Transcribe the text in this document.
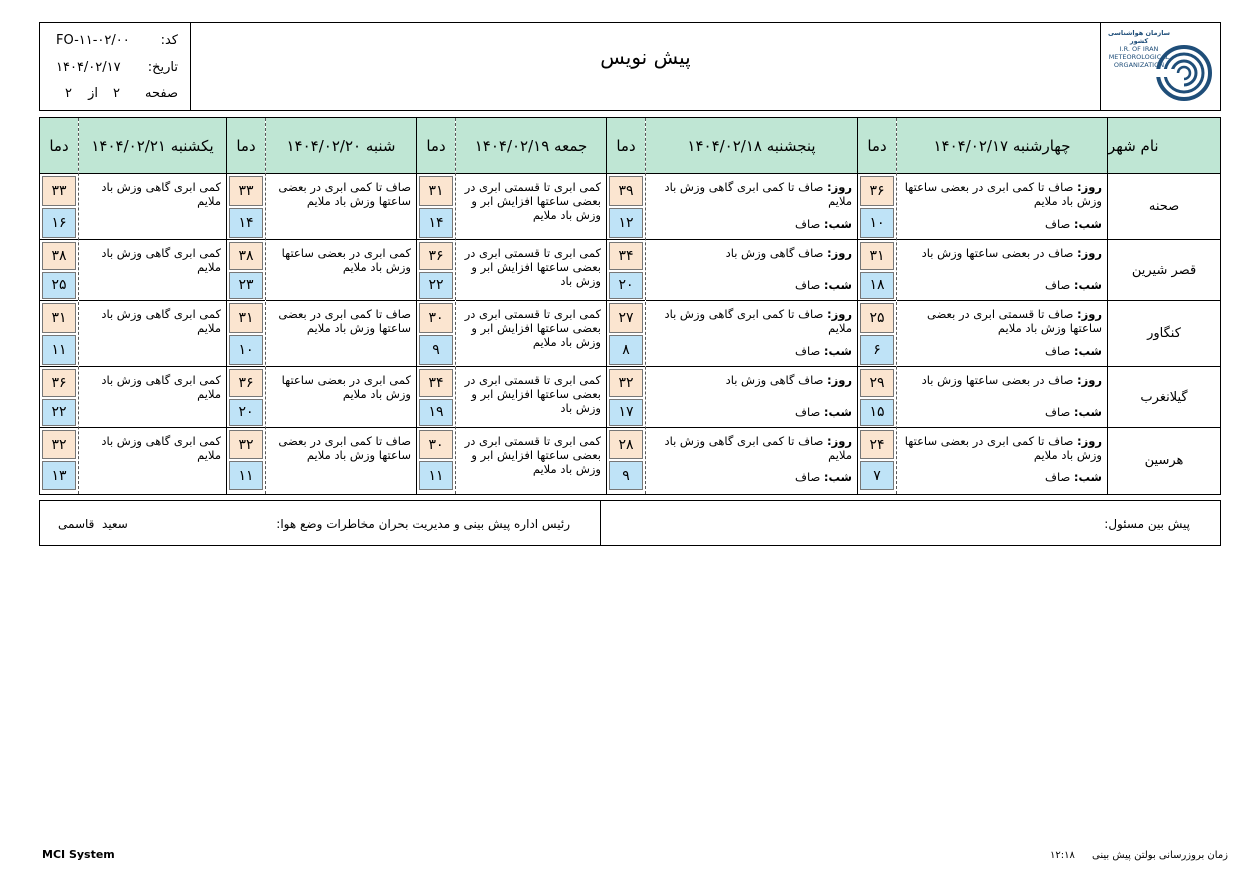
سازمان هواشناسی کشور
I.R. OF IRAN
METEOROLOGICAL
ORGANIZATION
پیش نویس
کد:
FO-۱۱-۰۲/۰۰
تاریخ:
۱۴۰۴/۰۲/۱۷
صفحه
۲
از
۲
نام شهر
صحنه
قصر شیرین
کنگاور
گیلانغرب
هرسین
چهارشنبه ۱۴۰۴/۰۲/۱۷
روز: صاف تا کمی ابری در بعضی ساعتها وزش باد ملایم
شب: صاف
روز: صاف در بعضی ساعتها وزش باد
شب: صاف
روز: صاف تا قسمتی ابری در بعضی ساعتها وزش باد ملایم
شب: صاف
روز: صاف در بعضی ساعتها وزش باد
شب: صاف
روز: صاف تا کمی ابری در بعضی ساعتها وزش باد ملایم
شب: صاف
دما
۳۶
۱۰
۳۱
۱۸
۲۵
۶
۲۹
۱۵
۲۴
۷
پنجشنبه ۱۴۰۴/۰۲/۱۸
روز: صاف تا کمی ابری گاهی وزش باد ملایم
شب: صاف
روز: صاف گاهی وزش باد
شب: صاف
روز: صاف تا کمی ابری گاهی وزش باد ملایم
شب: صاف
روز: صاف گاهی وزش باد
شب: صاف
روز: صاف تا کمی ابری گاهی وزش باد ملایم
شب: صاف
دما
۳۹
۱۲
۳۴
۲۰
۲۷
۸
۳۲
۱۷
۲۸
۹
جمعه ۱۴۰۴/۰۲/۱۹
کمی ابری تا قسمتی ابری در بعضی ساعتها افزایش ابر و وزش باد ملایم
کمی ابری تا قسمتی ابری در بعضی ساعتها افزایش ابر و وزش باد
کمی ابری تا قسمتی ابری در بعضی ساعتها افزایش ابر و وزش باد ملایم
کمی ابری تا قسمتی ابری در بعضی ساعتها افزایش ابر و وزش باد
کمی ابری تا قسمتی ابری در بعضی ساعتها افزایش ابر و وزش باد ملایم
دما
۳۱
۱۴
۳۶
۲۲
۳۰
۹
۳۴
۱۹
۳۰
۱۱
شنبه ۱۴۰۴/۰۲/۲۰
صاف تا کمی ابری در بعضی ساعتها وزش باد ملایم
کمی ابری در بعضی ساعتها وزش باد ملایم
صاف تا کمی ابری در بعضی ساعتها وزش باد ملایم
کمی ابری در بعضی ساعتها وزش باد ملایم
صاف تا کمی ابری در بعضی ساعتها وزش باد ملایم
دما
۳۳
۱۴
۳۸
۲۳
۳۱
۱۰
۳۶
۲۰
۳۲
۱۱
یکشنبه ۱۴۰۴/۰۲/۲۱
کمی ابری گاهی وزش باد ملایم
کمی ابری گاهی وزش باد ملایم
کمی ابری گاهی وزش باد ملایم
کمی ابری گاهی وزش باد ملایم
کمی ابری گاهی وزش باد ملایم
دما
۳۳
۱۶
۳۸
۲۵
۳۱
۱۱
۳۶
۲۲
۳۲
۱۳
پیش بین مسئول:
رئیس اداره پیش بینی و مدیریت بحران مخاطرات وضع هوا:
سعید  قاسمی
MCI System	زمان بروزرسانی بولتن پیش بینی ۱۲:۱۸
